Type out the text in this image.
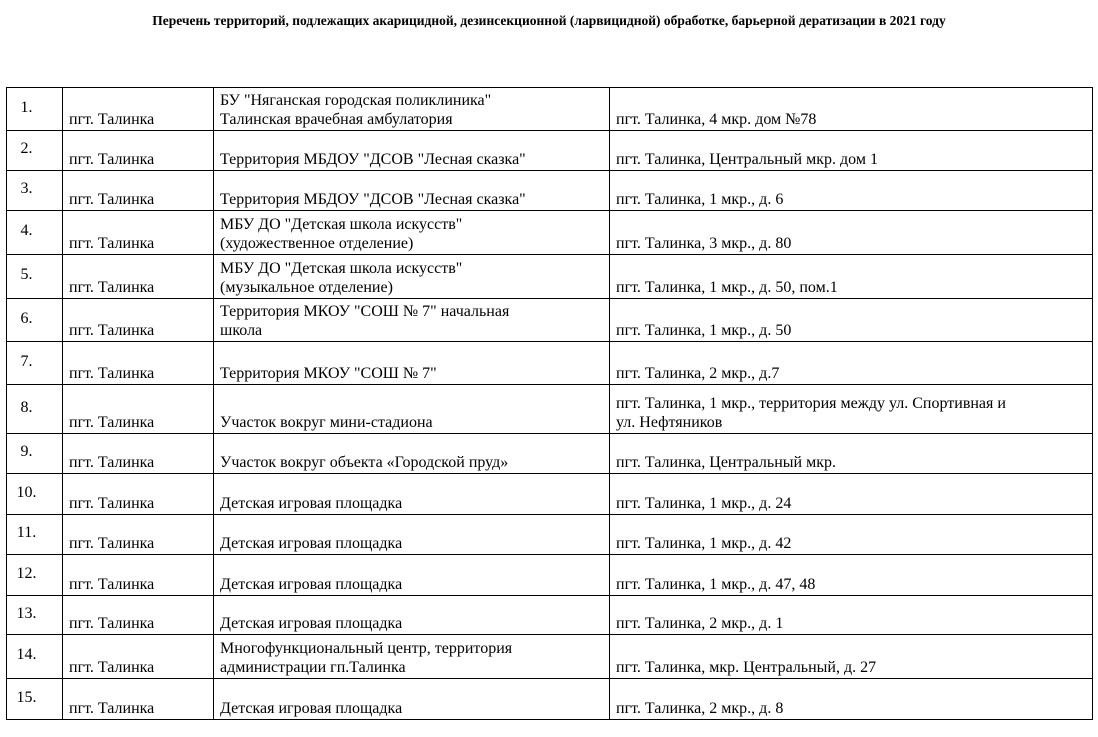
Перечень территорий, подлежащих акарицидной, дезинсекционной (ларвицидной) обработке, барьерной дератизации в 2021 году
1.	пгт. Талинка	БУ "Няганская городская поликлиника"
Талинская врачебная амбулатория	пгт. Талинка, 4 мкр. дом №78

2.	пгт. Талинка	Территория МБДОУ "ДСОВ "Лесная сказка"	пгт. Талинка, Центральный мкр. дом 1

3.	пгт. Талинка	Территория МБДОУ "ДСОВ "Лесная сказка"	пгт. Талинка, 1 мкр., д. 6

4.	пгт. Талинка	МБУ ДО "Детская школа искусств"
(художественное отделение)	пгт. Талинка, 3 мкр., д. 80

5.	пгт. Талинка	МБУ ДО "Детская школа искусств"
(музыкальное отделение)	пгт. Талинка, 1 мкр., д. 50, пом.1

6.	пгт. Талинка	Территория МКОУ "СОШ № 7" начальная
школа	пгт. Талинка, 1 мкр., д. 50

7.	пгт. Талинка	Территория МКОУ "СОШ № 7"	пгт. Талинка, 2 мкр., д.7

8.	пгт. Талинка	Участок вокруг мини-стадиона	пгт. Талинка, 1 мкр., территория между ул. Спортивная и
ул. Нефтяников

9.	пгт. Талинка	Участок вокруг объекта «Городской пруд»	пгт. Талинка, Центральный мкр.

10.	пгт. Талинка	Детская игровая площадка	пгт. Талинка, 1 мкр., д. 24

11.	пгт. Талинка	Детская игровая площадка	пгт. Талинка, 1 мкр., д. 42

12.	пгт. Талинка	Детская игровая площадка	пгт. Талинка, 1 мкр., д. 47, 48

13.	пгт. Талинка	Детская игровая площадка	пгт. Талинка, 2 мкр., д. 1

14.	пгт. Талинка	Многофункциональный центр, территория
администрации гп.Талинка	пгт. Талинка, мкр. Центральный, д. 27

15.	пгт. Талинка	Детская игровая площадка	пгт. Талинка, 2 мкр., д. 8
